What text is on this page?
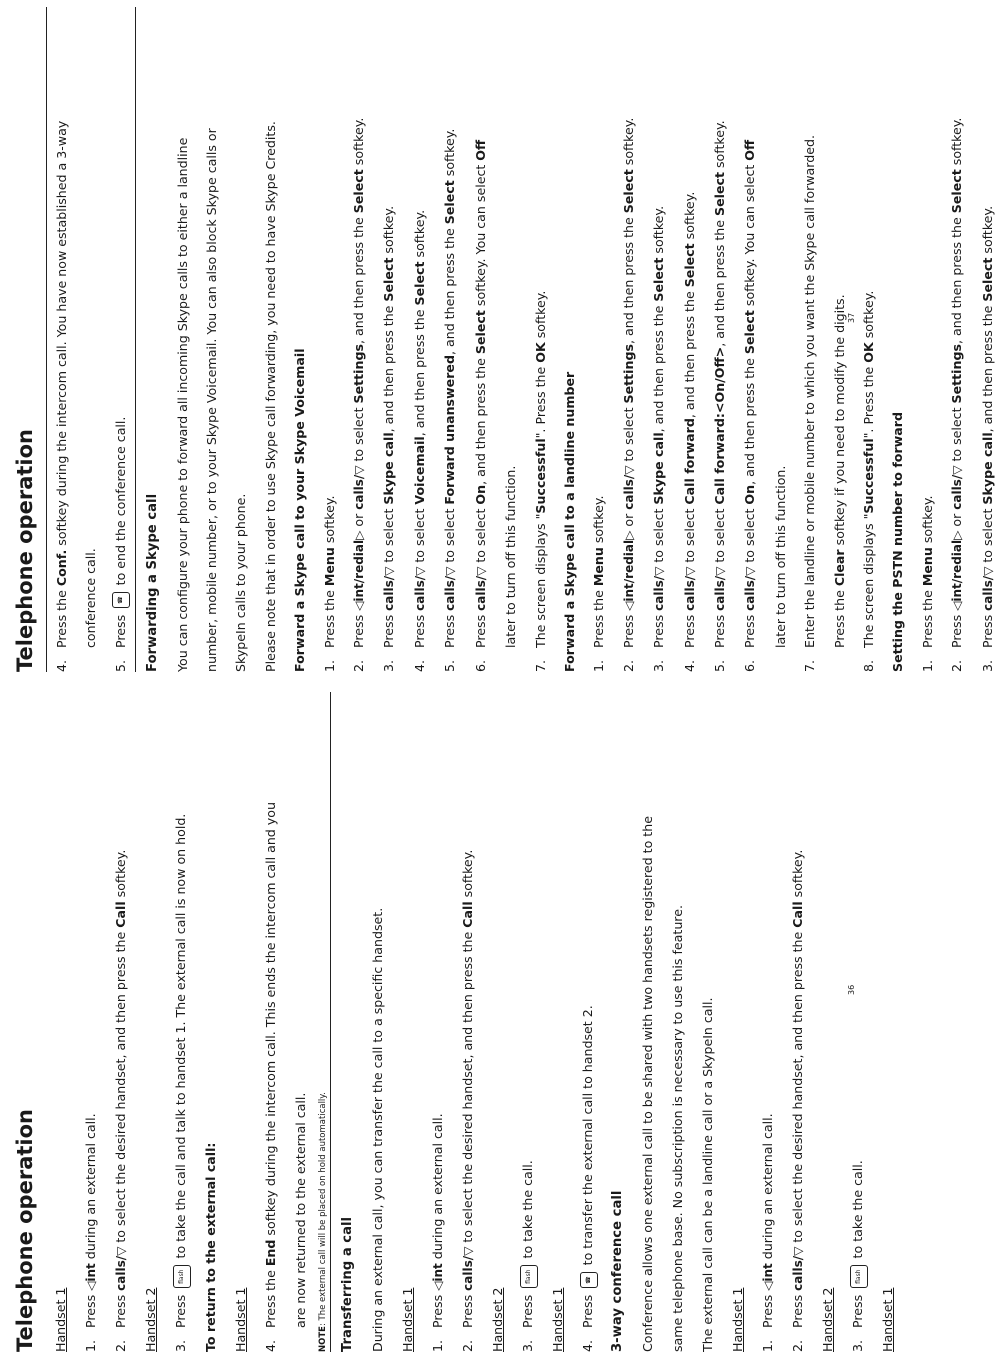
Telephone operation	Handset 1	1.Press ◁int during an external call.
2.Press calls/▽ to select the desired handset, and then press the Call softkey.
Handset 2	3.Press flash to take the call and talk to handset 1. The external call is now on hold.	To return to the external call:	Handset 1	4.Press the End softkey during the intercom call. This ends the intercom call and you	are now returned to the external call.
NOTE: The external call will be placed on hold automatically. Transferring a call	During an external call, you can transfer the call to a specific handset.	Handset 1	1.Press ◁int during an external call.
2.Press calls/▽ to select the desired handset, and then press the Call softkey.
Handset 2	3.Press flash to take the call.
Handset 1	4.Press ☎ to transfer the external call to handset 2.
3-way conference call	Conference allows one external call to be shared with two handsets registered to the	same telephone base. No subscription is necessary to use this feature.	The external call can be a landline call or a SkypeIn call.	Handset 1	1.Press ◁int during an external call.
2.Press calls/▽ to select the desired handset, and then press the Call softkey.
Handset 2	3.Press flash to take the call.
Handset 1
Telephone operation	4.Press the Conf. softkey during the intercom call. You have now established a 3-way
conference call.
5.Press ☎ to end the conference call.	Forwarding a Skype call	You can configure your phone to forward all incoming Skype calls to either a landline	number, mobile number, or to your Skype Voicemail. You can also block Skype calls or	SkypeIn calls to your phone.	Please note that in order to use Skype call forwarding, you need to have Skype Credits.	Forward a Skype call to your Skype Voicemail	1.Press the Menu softkey.
2.Press ◁int/redial▷ or calls/▽ to select Settings, and then press the Select softkey.
3.Press calls/▽ to select Skype call, and then press the Select softkey.
4.Press calls/▽ to select Voicemail, and then press the Select softkey.
5.Press calls/▽ to select Forward unanswered, and then press the Select softkey.
6.Press calls/▽ to select On, and then press the Select softkey. You can select Off
later to turn off this function.
7.The screen displays "Successful". Press the OK softkey.
Forward a Skype call to a landline number	1.Press the Menu softkey.
2.Press ◁int/redial▷ or calls/▽ to select Settings, and then press the Select softkey.
3.Press calls/▽ to select Skype call, and then press the Select softkey.
4.Press calls/▽ to select Call forward, and then press the Select softkey.
5.Press calls/▽ to select Call forward:<On/Off>, and then press the Select softkey.
6.Press calls/▽ to select On, and then press the Select softkey. You can select Off
later to turn off this function.
7.Enter the landline or mobile number to which you want the Skype call forwarded.	Press the Clear softkey if you need to modify the digits.
8.The screen displays "Successful". Press the OK softkey.
Setting the PSTN number to forward	1.Press the Menu softkey.
2.Press ◁int/redial▷ or calls/▽ to select Settings, and then press the Select softkey.
3.Press calls/▽ to select Skype call, and then press the Select softkey.
36
37
